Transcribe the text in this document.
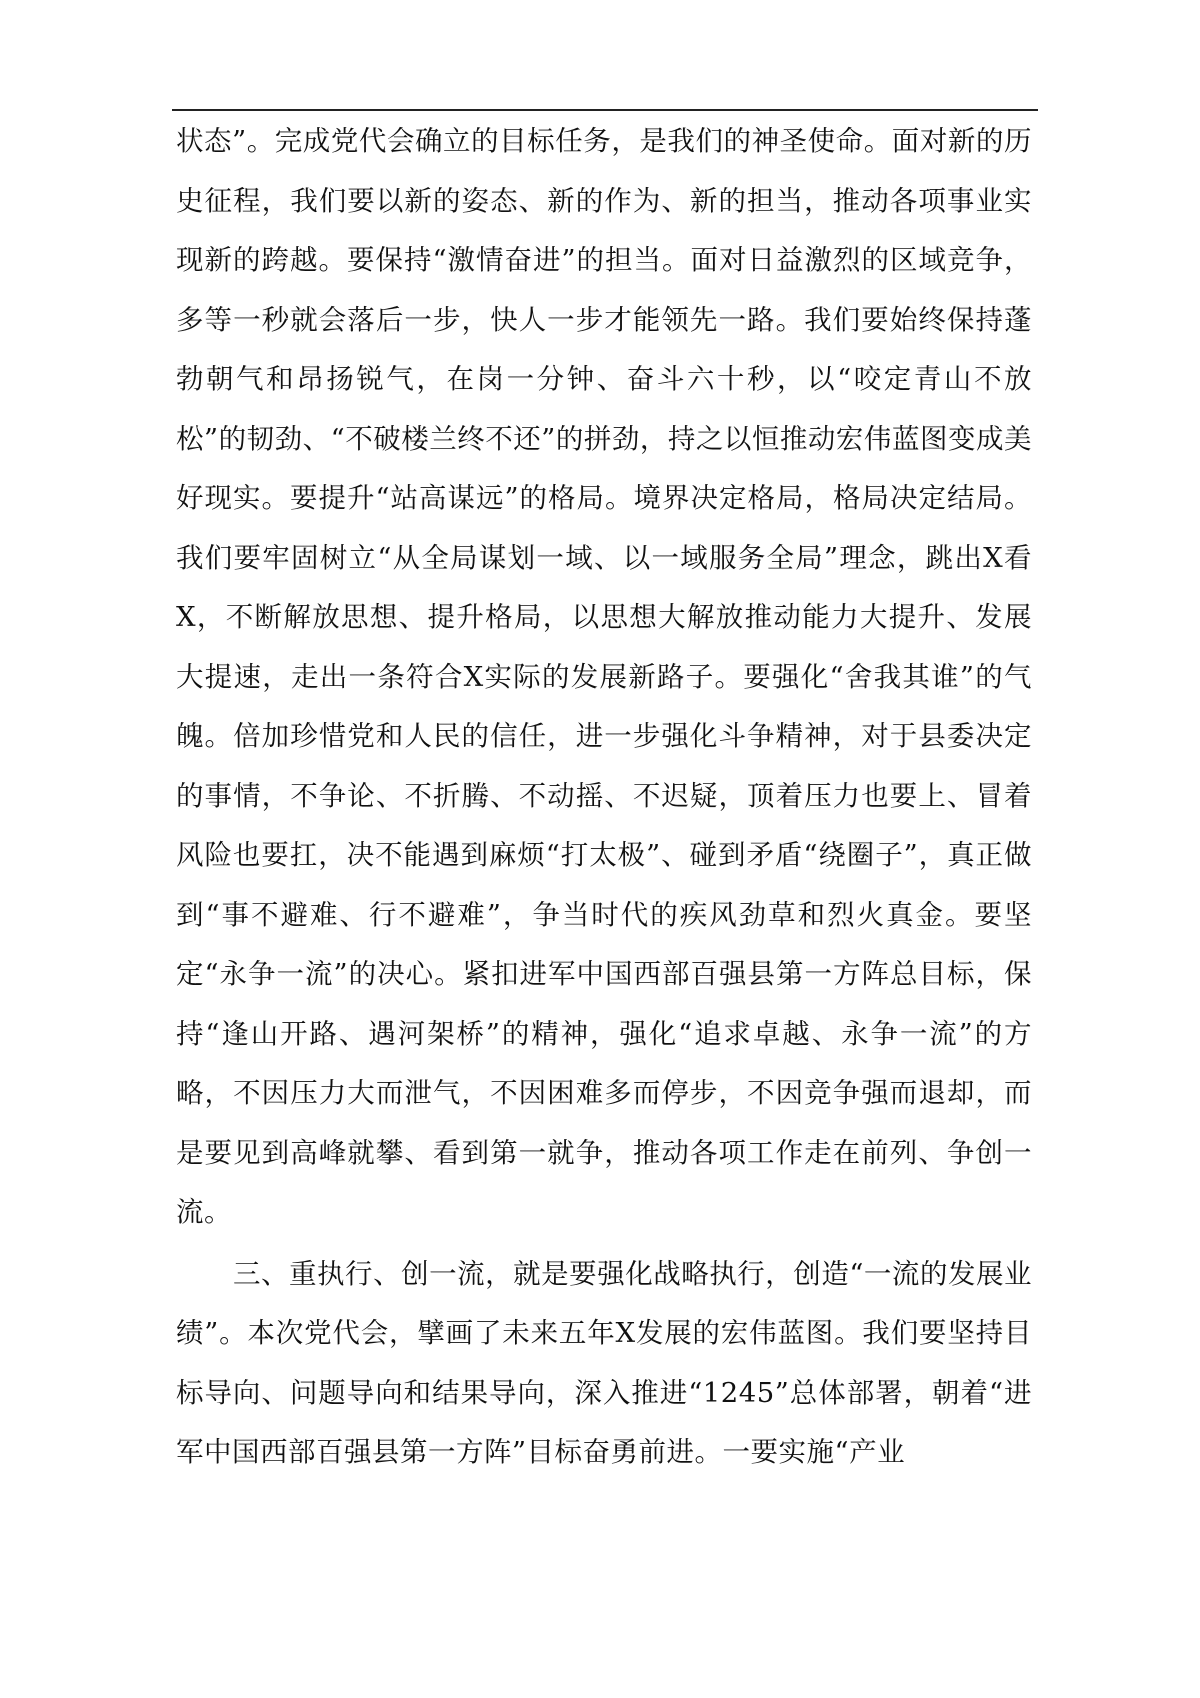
状态”。完成党代会确立的目标任务，是我们的神圣使命。面对新的历史征程，我们要以新的姿态、新的作为、新的担当，推动各项事业实现新的跨越。要保持“激情奋进”的担当。面对日益激烈的区域竞争，多等一秒就会落后一步，快人一步才能领先一路。我们要始终保持蓬勃朝气和昂扬锐气，在岗一分钟、奋斗六十秒，以“咬定青山不放松”的韧劲、“不破楼兰终不还”的拼劲，持之以恒推动宏伟蓝图变成美好现实。要提升“站高谋远”的格局。境界决定格局，格局决定结局。我们要牢固树立“从全局谋划一域、以一域服务全局”理念，跳出X看X，不断解放思想、提升格局，以思想大解放推动能力大提升、发展大提速，走出一条符合X实际的发展新路子。要强化“舍我其谁”的气魄。倍加珍惜党和人民的信任，进一步强化斗争精神，对于县委决定的事情，不争论、不折腾、不动摇、不迟疑，顶着压力也要上、冒着风险也要扛，决不能遇到麻烦“打太极”、碰到矛盾“绕圈子”，真正做到“事不避难、行不避难”，争当时代的疾风劲草和烈火真金。要坚定“永争一流”的决心。紧扣进军中国西部百强县第一方阵总目标，保持“逢山开路、遇河架桥”的精神，强化“追求卓越、永争一流”的方略，不因压力大而泄气，不因困难多而停步，不因竞争强而退却，而是要见到高峰就攀、看到第一就争，推动各项工作走在前列、争创一流。

三、重执行、创一流，就是要强化战略执行，创造“一流的发展业绩”。本次党代会，擘画了未来五年X发展的宏伟蓝图。我们要坚持目标导向、问题导向和结果导向，深入推进“1245”总体部署，朝着“进军中国西部百强县第一方阵”目标奋勇前进。一要实施“产业
